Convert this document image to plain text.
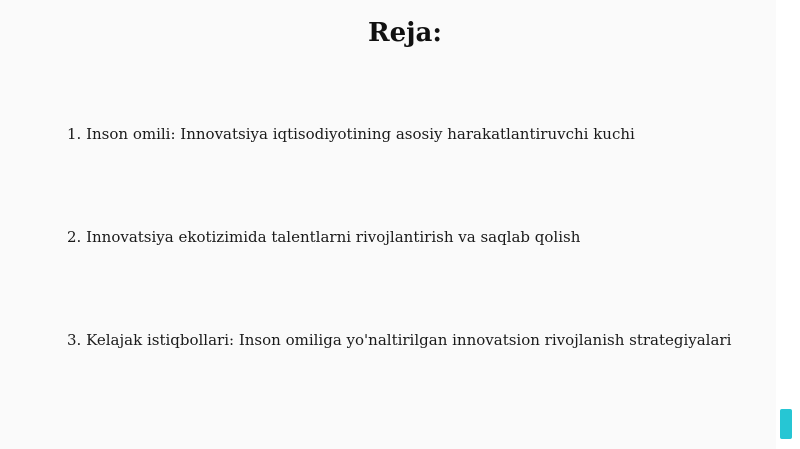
Reja:
1. Inson omili: Innovatsiya iqtisodiyotining asosiy harakatlantiruvchi kuchi
2. Innovatsiya ekotizimida talentlarni rivojlantirish va saqlab qolish
3. Kelajak istiqbollari: Inson omiliga yo'naltirilgan innovatsion rivojlanish strategiyalari
